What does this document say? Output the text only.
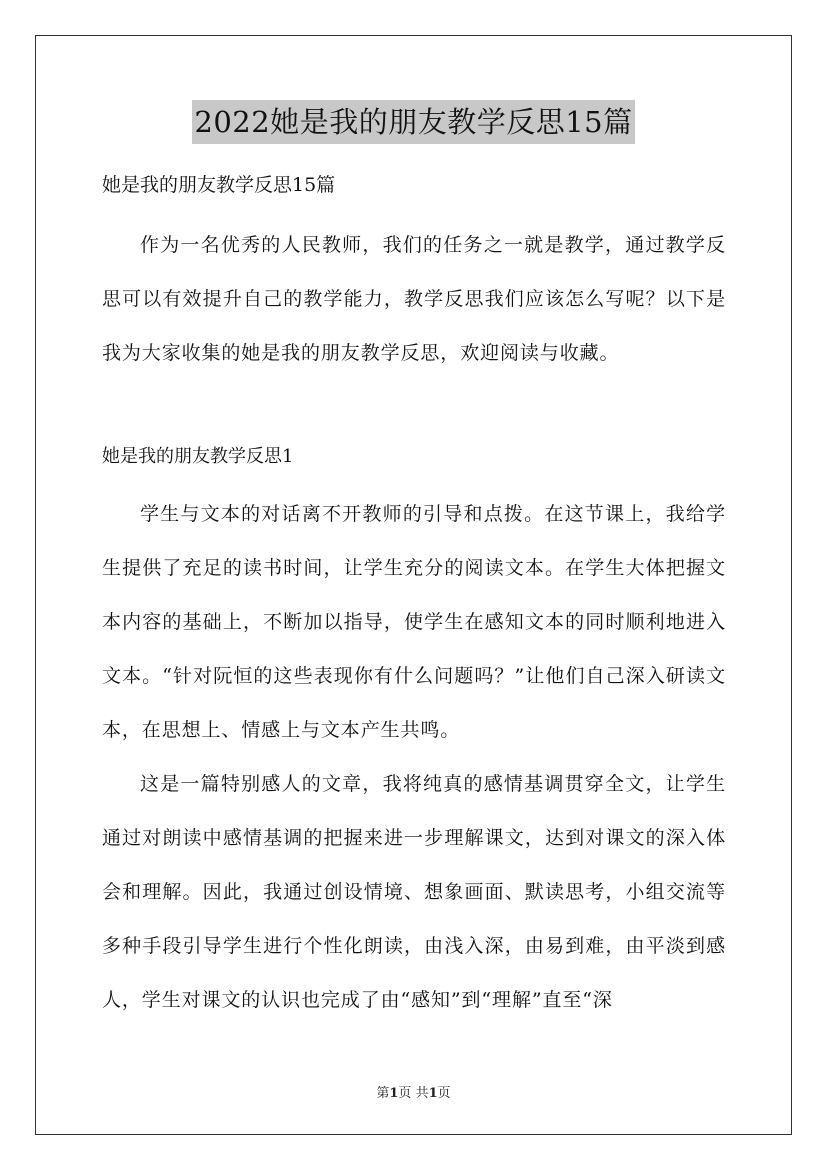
2022她是我的朋友教学反思15篇

她是我的朋友教学反思15篇

作为一名优秀的人民教师，我们的任务之一就是教学，通过教学反思可以有效提升自己的教学能力，教学反思我们应该怎么写呢？以下是我为大家收集的她是我的朋友教学反思，欢迎阅读与收藏。

她是我的朋友教学反思1

学生与文本的对话离不开教师的引导和点拨。在这节课上，我给学生提供了充足的读书时间，让学生充分的阅读文本。在学生大体把握文本内容的基础上，不断加以指导，使学生在感知文本的同时顺利地进入文本。“针对阮恒的这些表现你有什么问题吗？”让他们自己深入研读文本，在思想上、情感上与文本产生共鸣。

这是一篇特别感人的文章，我将纯真的感情基调贯穿全文，让学生通过对朗读中感情基调的把握来进一步理解课文，达到对课文的深入体会和理解。因此，我通过创设情境、想象画面、默读思考，小组交流等多种手段引导学生进行个性化朗读，由浅入深，由易到难，由平淡到感人，学生对课文的认识也完成了由“感知”到“理解”直至“深

第1页 共1页
